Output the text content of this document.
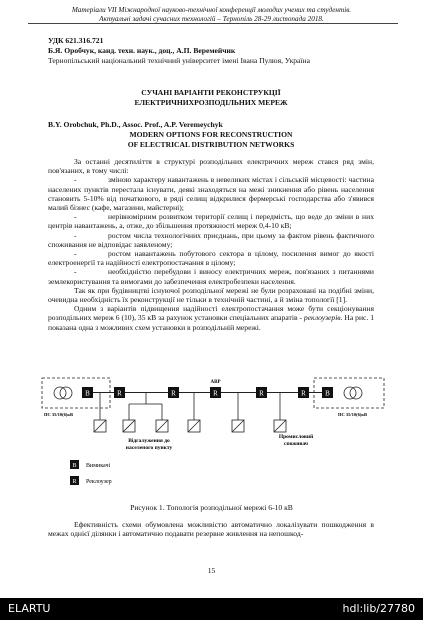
Матеріали VII Міжнародної науково-технічної конференції молодих учених та студентів.
Актуальні задачі сучасних технологій – Тернопіль 28-29 листопада 2018.
УДК 621.316.721
Б.Я. Оробчук, канд. техн. наук., доц., А.П. Веремейчик
Тернопільський національний технічний університет імені Івана Пулюя, Україна
СУЧАНІ ВАРІАНТИ РЕКОНСТРУКЦІЇ
ЕЛЕКТРИЧНИХРОЗПОДІЛЬНИХ МЕРЕЖ
B.Y. Orobchuk, Ph.D., Assoc. Prof., A.P. Veremeychyk
MODERN OPTIONS FOR RECONSTRUCTION
OF ELECTRICAL DISTRIBUTION NETWORKS

За останні десятиліття в структурі розподільних електричних мереж стався ряд змін, пов'язаних, в тому числі:

-	зміною характеру навантажень в невеликих містах і сільській місцевості: частина населених пунктів перестала існувати, деякі знаходяться на межі зникнення або рівень населення становить 5-10% від початкового, в ряді селищ відкрилися фермерські господарства або з'явився малий бізнес (кафе, магазини, майстерні);

-	нерівномірним розвитком території селищ і передмість, що веде до зміни в них центрів навантажень, а, отже, до збільшення протяжності мереж 0,4-10 кВ;

-	ростом числа технологічних приєднань, при цьому за фактом рівень фактичного споживання не відповідає заявленому;

-	ростом навантажень побутового сектора в цілому, посилення вимог до якості електроенергії та надійності електропостачання в цілому;

-	необхідністю перебудови і виносу електричних мереж, пов'язаних з питаннями землекористування та вимогами до забезпечення електробезпеки населення.

Так як при будівництві існуючої розподільної мережі не були розраховані на подібні зміни, очевидна необхідність їх реконструкції не тільки в технічній частині, а й зміна топології [1].

Одним з варіантів підвищення надійності електропостачання може бути секціонування розподільних мереж 6 (10), 35 кВ за рахунок установки спеціальних апаратів - реклоузерів. На рис. 1 показана одна з можливих схем установки в розподільній мережі.

В
ПС 35/10(6)кВ
В
ПС 35/10(6)кВ
R	R	R	R	R
АВР
Відгалуження до
населеного пункту
Промисловий
споживач
В Вимикачі
R Реклоузер
Рисунок 1. Топологія розподільної мережі 6-10 кВ

Ефективність схеми обумовлена можливістю автоматично локалізувати пошкодження в межах однієї ділянки і автоматично подавати резервне живлення на непошкод-

15
ELARTU	hdl:lib/27780
